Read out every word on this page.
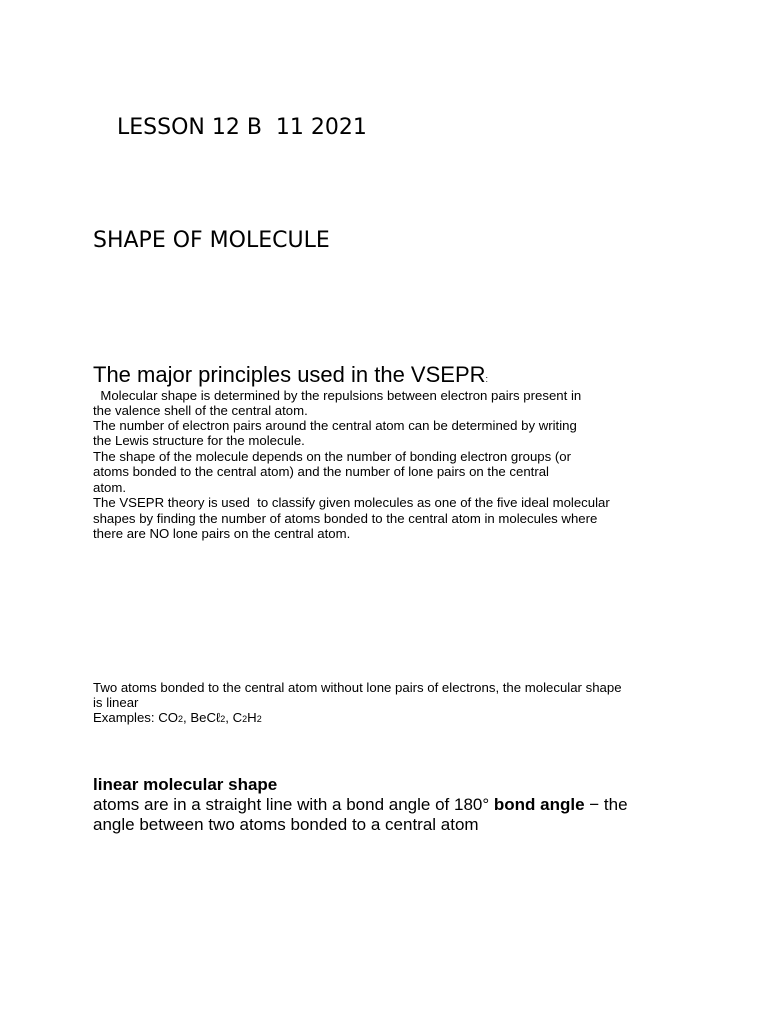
LESSON 12 B  11 2021
SHAPE OF MOLECULE
The major principles used in the VSEPR:
Molecular shape is determined by the repulsions between electron pairs present in
the valence shell of the central atom.
The number of electron pairs around the central atom can be determined by writing
the Lewis structure for the molecule.
The shape of the molecule depends on the number of bonding electron groups (or
atoms bonded to the central atom) and the number of lone pairs on the central
atom.
The VSEPR theory is used  to classify given molecules as one of the five ideal molecular
shapes by finding the number of atoms bonded to the central atom in molecules where
there are NO lone pairs on the central atom.
Two atoms bonded to the central atom without lone pairs of electrons, the molecular shape
is linear
Examples: CO2, BeCℓ2, C2H2
linear molecular shape
atoms are in a straight line with a bond angle of 180° bond angle − the
angle between two atoms bonded to a central atom
